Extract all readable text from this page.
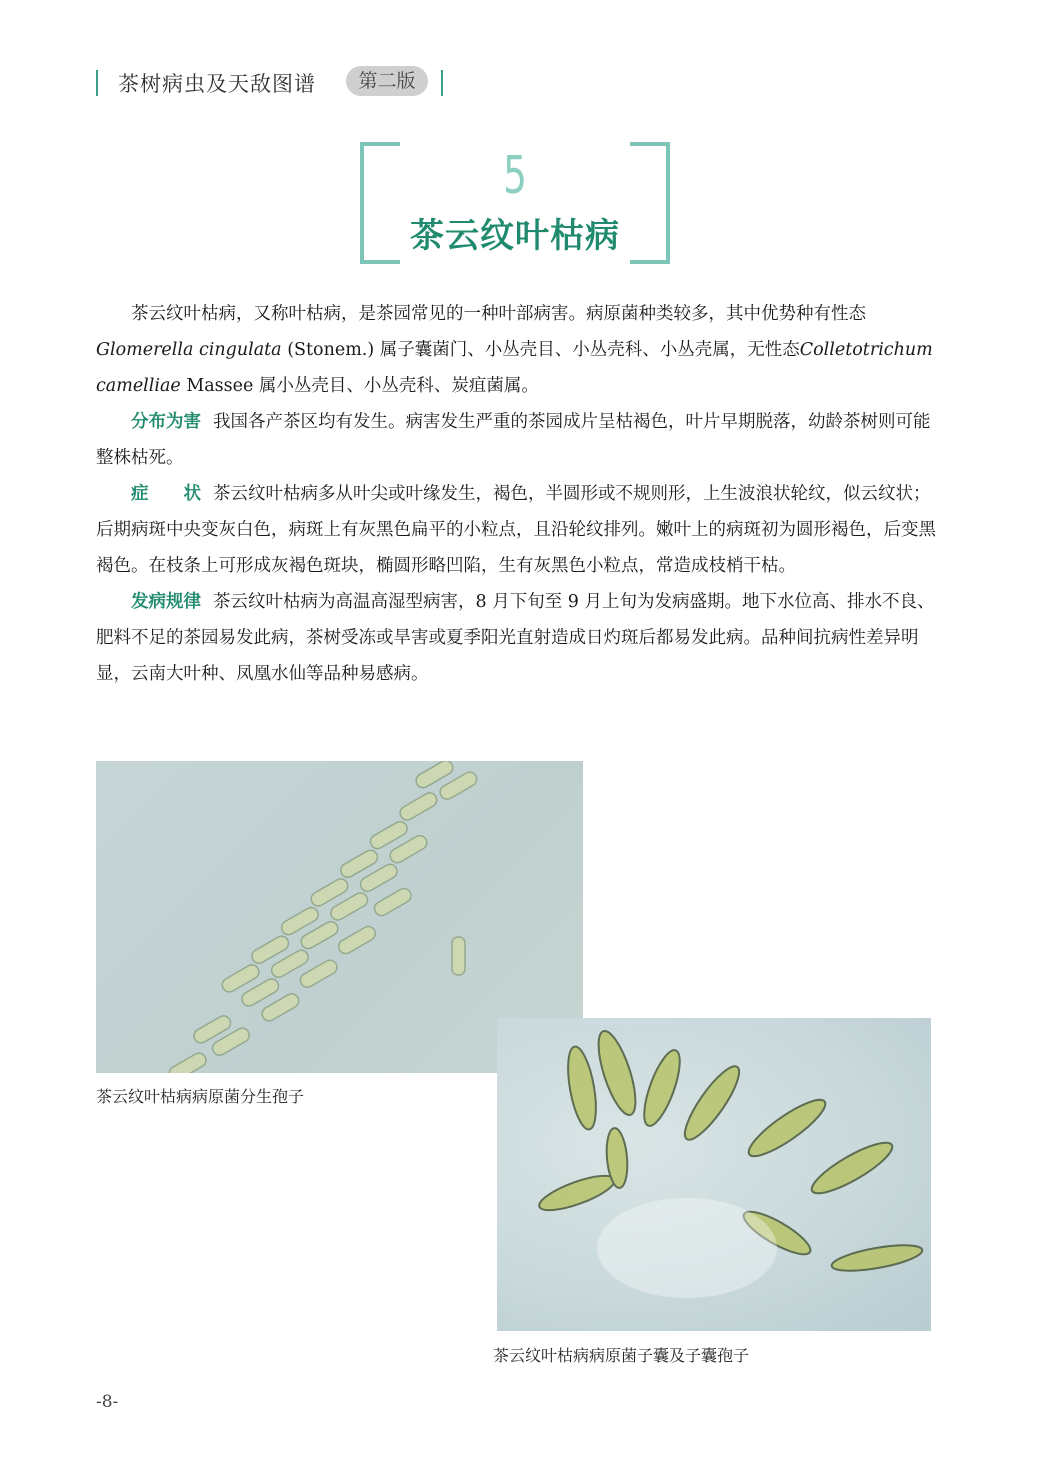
茶树病虫及天敌图谱	第二版
5
茶云纹叶枯病

茶云纹叶枯病，又称叶枯病，是茶园常见的一种叶部病害。病原菌种类较多，其中优势种有性态Glomerella cingulata (Stonem.) 属子囊菌门、小丛壳目、小丛壳科、小丛壳属，无性态Colletotrichum camelliae Massee 属小丛壳目、小丛壳科、炭疽菌属。

分布为害 我国各产茶区均有发生。病害发生严重的茶园成片呈枯褐色，叶片早期脱落，幼龄茶树则可能整株枯死。

症　　状 茶云纹叶枯病多从叶尖或叶缘发生，褐色，半圆形或不规则形，上生波浪状轮纹，似云纹状；后期病斑中央变灰白色，病斑上有灰黑色扁平的小粒点，且沿轮纹排列。嫩叶上的病斑初为圆形褐色，后变黑褐色。在枝条上可形成灰褐色斑块，椭圆形略凹陷，生有灰黑色小粒点，常造成枝梢干枯。

发病规律 茶云纹叶枯病为高温高湿型病害，8 月下旬至 9 月上旬为发病盛期。地下水位高、排水不良、肥料不足的茶园易发此病，茶树受冻或旱害或夏季阳光直射造成日灼斑后都易发此病。品种间抗病性差异明显，云南大叶种、凤凰水仙等品种易感病。

茶云纹叶枯病病原菌分生孢子
茶云纹叶枯病病原菌子囊及子囊孢子
-8-
